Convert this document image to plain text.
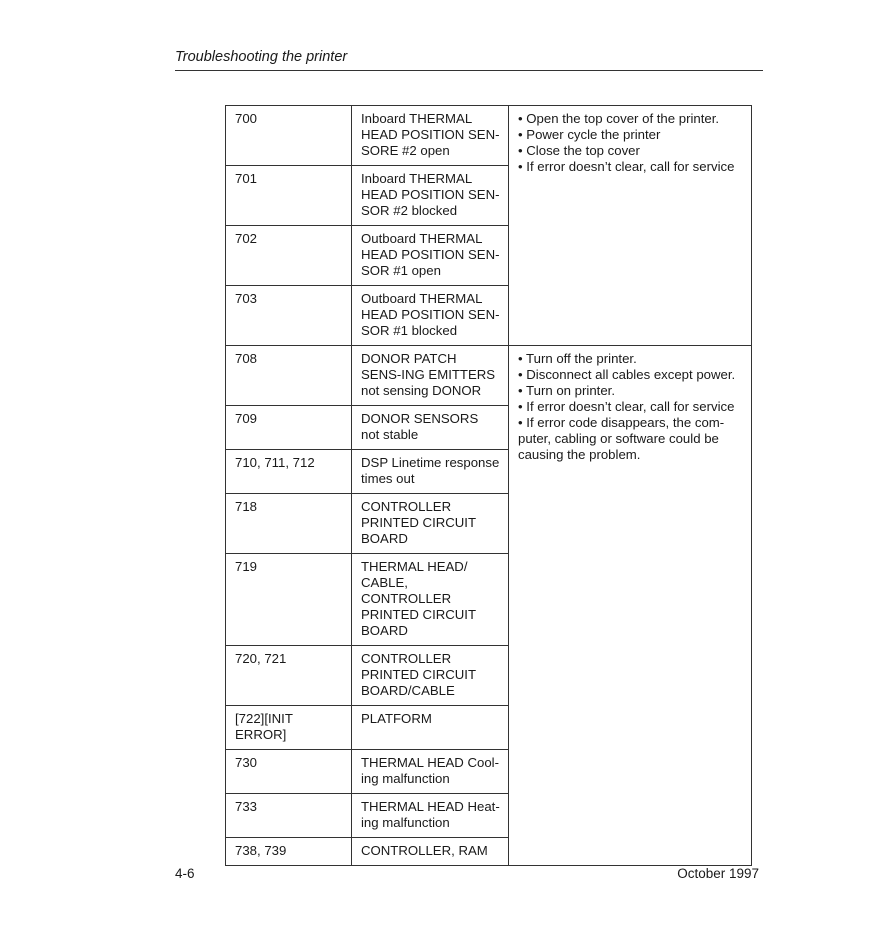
Troubleshooting the printer
700	Inboard THERMAL HEAD POSITION SEN-SORE #2 open	• Open the top cover of the printer.
• Power cycle the printer
• Close the top cover
• If error doesn’t clear, call for service

701	Inboard THERMAL HEAD POSITION SEN-SOR #2 blocked	
702	Outboard THERMAL HEAD POSITION SEN-SOR #1 open	
703	Outboard THERMAL HEAD POSITION SEN-SOR #1 blocked	
708	DONOR PATCH SENS-ING EMITTERS not sensing DONOR	• Turn off the printer.
• Disconnect all cables except power.
• Turn on printer.
• If error doesn’t clear, call for service
• If error code disappears, the com-puter, cabling or software could be causing the problem.

709	DONOR SENSORS not stable	
710, 711, 712	DSP Linetime response times out	
718	CONTROLLER PRINTED CIRCUIT BOARD	
719	THERMAL HEAD/ CABLE, CONTROLLER PRINTED CIRCUIT BOARD	
720, 721	CONTROLLER PRINTED CIRCUIT BOARD/CABLE	
[722][INIT ERROR]	PLATFORM	
730	THERMAL HEAD Cool-ing malfunction	
733	THERMAL HEAD Heat-ing malfunction	
738, 739	CONTROLLER, RAM	
4-6	October 1997
